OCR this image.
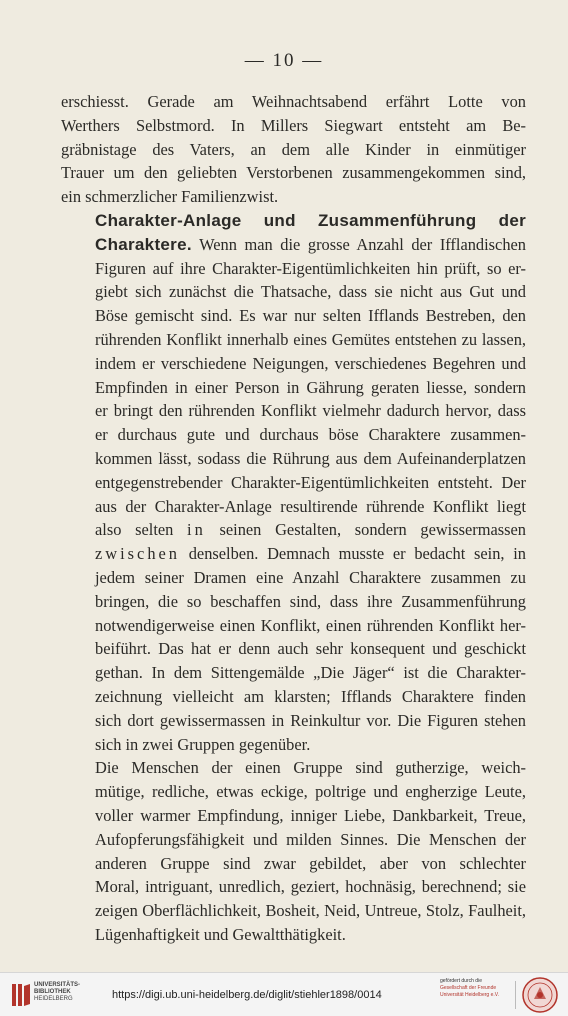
— 10 —

erschiesst. Gerade am Weihnachtsabend erfährt Lotte von
Werthers Selbstmord. In Millers Siegwart entsteht am Be-
gräbnistage des Vaters, an dem alle Kinder in einmütiger
Trauer um den geliebten Verstorbenen zusammengekommen sind,
ein schmerzlicher Familienzwist.

Charakter-Anlage und Zusammenführung der
Charaktere. Wenn man die grosse Anzahl der Ifflandischen
Figuren auf ihre Charakter-Eigentümlichkeiten hin prüft, so er-
giebt sich zunächst die Thatsache, dass sie nicht aus Gut und
Böse gemischt sind. Es war nur selten Ifflands Bestreben, den
rührenden Konflikt innerhalb eines Gemütes entstehen zu lassen,
indem er verschiedene Neigungen, verschiedenes Begehren und
Empfinden in einer Person in Gährung geraten liesse, sondern
er bringt den rührenden Konflikt vielmehr dadurch hervor, dass
er durchaus gute und durchaus böse Charaktere zusammen-
kommen lässt, sodass die Rührung aus dem Aufeinanderplatzen
entgegenstrebender Charakter-Eigentümlichkeiten entsteht. Der
aus der Charakter-Anlage resultirende rührende Konflikt liegt
also selten in seinen Gestalten, sondern gewissermassen
zwischen denselben. Demnach musste er bedacht sein, in
jedem seiner Dramen eine Anzahl Charaktere zusammen zu
bringen, die so beschaffen sind, dass ihre Zusammenführung
notwendigerweise einen Konflikt, einen rührenden Konflikt her-
beiführt. Das hat er denn auch sehr konsequent und geschickt
gethan. In dem Sittengemälde „Die Jäger“ ist die Charakter-
zeichnung vielleicht am klarsten; Ifflands Charaktere finden
sich dort gewissermassen in Reinkultur vor. Die Figuren stehen
sich in zwei Gruppen gegenüber.

Die Menschen der einen Gruppe sind gutherzige, weich-
mütige, redliche, etwas eckige, poltrige und engherzige Leute,
voller warmer Empfindung, inniger Liebe, Dankbarkeit, Treue,
Aufopferungsfähigkeit und milden Sinnes. Die Menschen der
anderen Gruppe sind zwar gebildet, aber von schlechter
Moral, intriguant, unredlich, geziert, hochnäsig, berechnend; sie
zeigen Oberflächlichkeit, Bosheit, Neid, Untreue, Stolz, Faulheit,
Lügenhaftigkeit und Gewaltthätigkeit.

UNIVERSITÄTS-
BIBLIOTHEK
HEIDELBERG	https://digi.ub.uni-heidelberg.de/diglit/stiehler1898/0014
gefördert durch die
Gesellschaft der Freunde
Universität Heidelberg e.V.
